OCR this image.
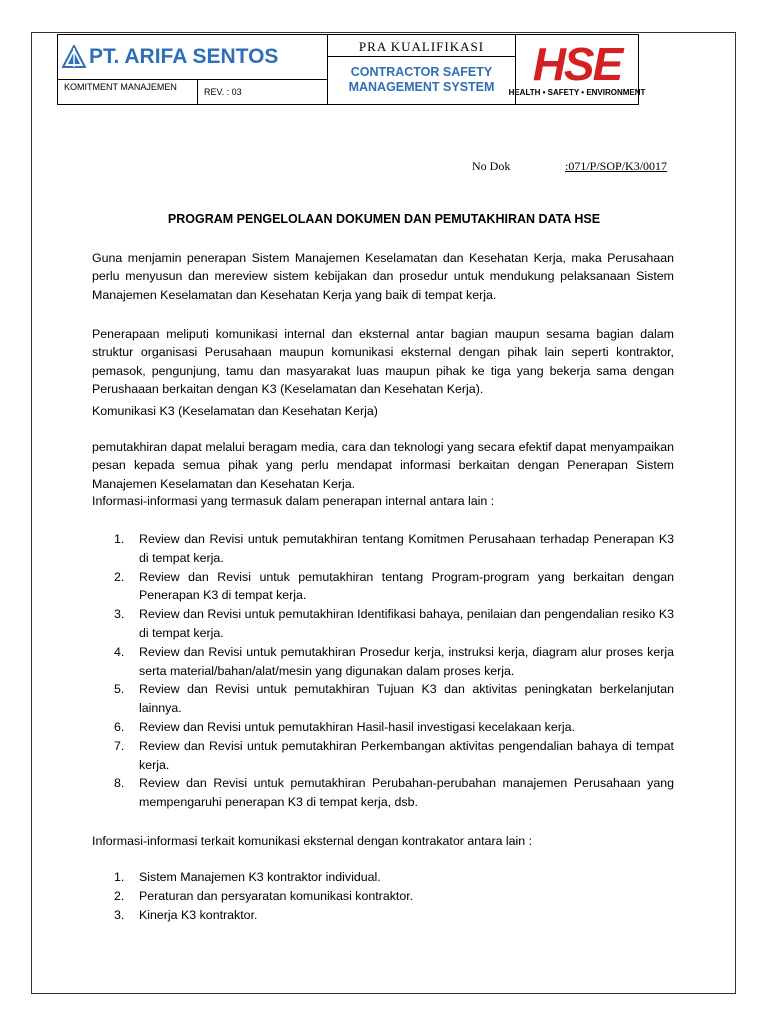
PT. ARIFA SENTOS
KOMITMENT MANAJEMEN	REV. : 03
PRA KUALIFIKASI
CONTRACTOR SAFETY
MANAGEMENT SYSTEM HSE
HEALTH • SAFETY • ENVIRONMENT
No Dok	:071/P/SOP/K3/0017
PROGRAM PENGELOLAAN DOKUMEN DAN PEMUTAKHIRAN DATA HSE
Guna menjamin penerapan Sistem Manajemen Keselamatan dan Kesehatan Kerja, maka Perusahaan perlu menyusun dan mereview sistem kebijakan dan prosedur untuk mendukung pelaksanaan Sistem Manajemen Keselamatan dan Kesehatan Kerja yang baik di tempat kerja.
Penerapaan meliputi komunikasi internal dan eksternal antar bagian maupun sesama bagian dalam struktur organisasi Perusahaan maupun komunikasi eksternal dengan pihak lain seperti kontraktor, pemasok, pengunjung, tamu dan masyarakat luas maupun pihak ke tiga yang bekerja sama dengan Perushaaan berkaitan dengan K3 (Keselamatan dan Kesehatan Kerja).
Komunikasi K3 (Keselamatan dan Kesehatan Kerja)
pemutakhiran dapat melalui beragam media, cara dan teknologi yang secara efektif dapat menyampaikan pesan kepada semua pihak yang perlu mendapat informasi berkaitan dengan Penerapan Sistem Manajemen Keselamatan dan Kesehatan Kerja.
Informasi-informasi yang termasuk dalam penerapan internal antara lain :
1. Review dan Revisi untuk pemutakhiran tentang Komitmen Perusahaan terhadap Penerapan K3 di tempat kerja.
2. Review dan Revisi untuk pemutakhiran tentang Program-program yang berkaitan dengan Penerapan K3 di tempat kerja.
3. Review dan Revisi untuk pemutakhiran Identifikasi bahaya, penilaian dan pengendalian resiko K3 di tempat kerja.
4. Review dan Revisi untuk pemutakhiran Prosedur kerja, instruksi kerja, diagram alur proses kerja serta material/bahan/alat/mesin yang digunakan dalam proses kerja.
5. Review dan Revisi untuk pemutakhiran Tujuan K3 dan aktivitas peningkatan berkelanjutan lainnya.
6. Review dan Revisi untuk pemutakhiran Hasil-hasil investigasi kecelakaan kerja.
7. Review dan Revisi untuk pemutakhiran Perkembangan aktivitas pengendalian bahaya di tempat kerja.
8. Review dan Revisi untuk pemutakhiran Perubahan-perubahan manajemen Perusahaan yang mempengaruhi penerapan K3 di tempat kerja, dsb.
Informasi-informasi terkait komunikasi eksternal dengan kontrakator antara lain :
1. Sistem Manajemen K3 kontraktor individual.
2. Peraturan dan persyaratan komunikasi kontraktor.
3. Kinerja K3 kontraktor.
